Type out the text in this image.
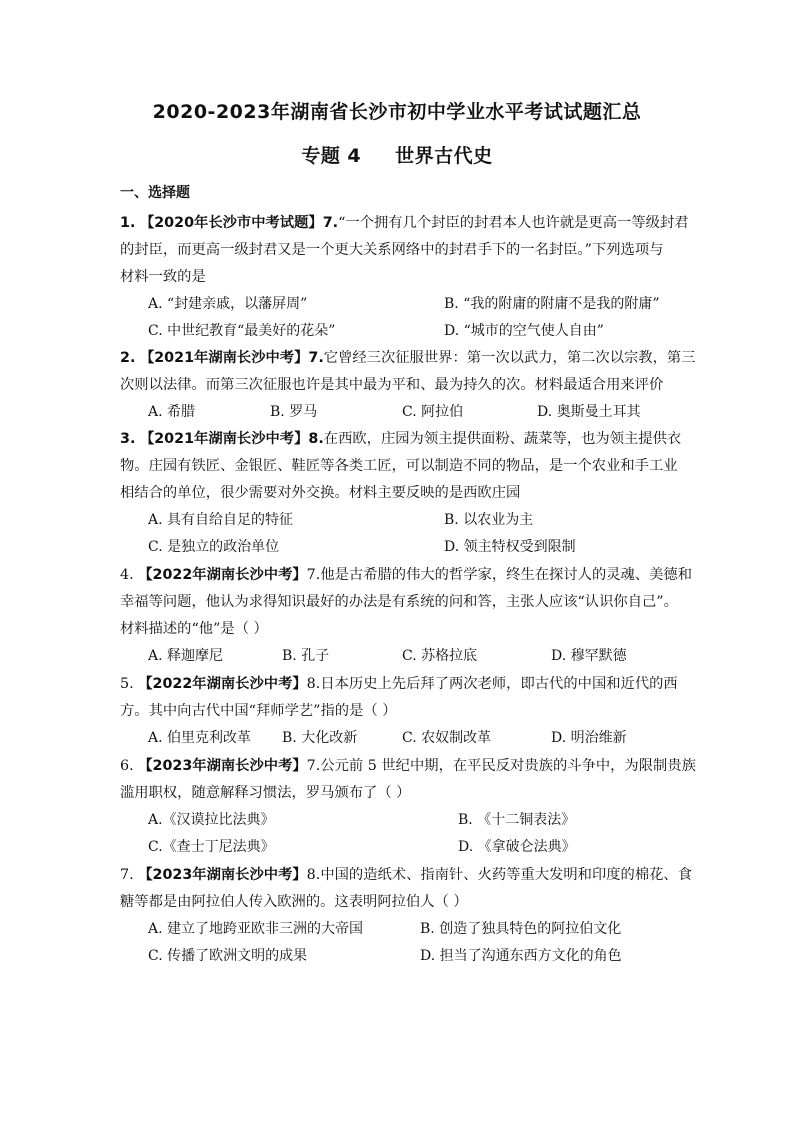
2020-2023年湖南省长沙市初中学业水平考试试题汇总
专题 4 世界古代史
一、选择题
1. 【2020年长沙市中考试题】7.“一个拥有几个封臣的封君本人也许就是更高一等级封君
的封臣，而更高一级封君又是一个更大关系网络中的封君手下的一名封臣。”下列选项与
材料一致的是
A. “封建亲戚，以藩屏周”	B. “我的附庸的附庸不是我的附庸”
C. 中世纪教育“最美好的花朵”	D. “城市的空气使人自由”
2. 【2021年湖南长沙中考】7.它曾经三次征服世界：第一次以武力，第二次以宗教，第三
次则以法律。而第三次征服也许是其中最为平和、最为持久的次。材料最适合用来评价
A. 希腊	B. 罗马	C. 阿拉伯	D. 奥斯曼土耳其
3. 【2021年湖南长沙中考】8.在西欧，庄园为领主提供面粉、蔬菜等，也为领主提供衣
物。庄园有铁匠、金银匠、鞋匠等各类工匠，可以制造不同的物品，是一个农业和手工业
相结合的单位，很少需要对外交换。材料主要反映的是西欧庄园
A. 具有自给自足的特征	B. 以农业为主
C. 是独立的政治单位	D. 领主特权受到限制
4. 【2022年湖南长沙中考】7.他是古希腊的伟大的哲学家，终生在探讨人的灵魂、美德和
幸福等问题，他认为求得知识最好的办法是有系统的问和答，主张人应该“认识你自己”。
材料描述的“他”是（ ）
A. 释迦摩尼	B. 孔子	C. 苏格拉底	D. 穆罕默德
5. 【2022年湖南长沙中考】8.日本历史上先后拜了两次老师，即古代的中国和近代的西
方。其中向古代中国“拜师学艺”指的是（ ）
A. 伯里克利改革 B. 大化改新	C. 农奴制改革	D. 明治维新
6. 【2023年湖南长沙中考】7.公元前 5 世纪中期，在平民反对贵族的斗争中，为限制贵族
滥用职权，随意解释习惯法，罗马颁布了（ ）
A.《汉谟拉比法典》	B. 《十二铜表法》
C.《查士丁尼法典》	D. 《拿破仑法典》
7. 【2023年湖南长沙中考】8.中国的造纸术、指南针、火药等重大发明和印度的棉花、食
糖等都是由阿拉伯人传入欧洲的。这表明阿拉伯人（ ）
A. 建立了地跨亚欧非三洲的大帝国	B. 创造了独具特色的阿拉伯文化
C. 传播了欧洲文明的成果	D. 担当了沟通东西方文化的角色
